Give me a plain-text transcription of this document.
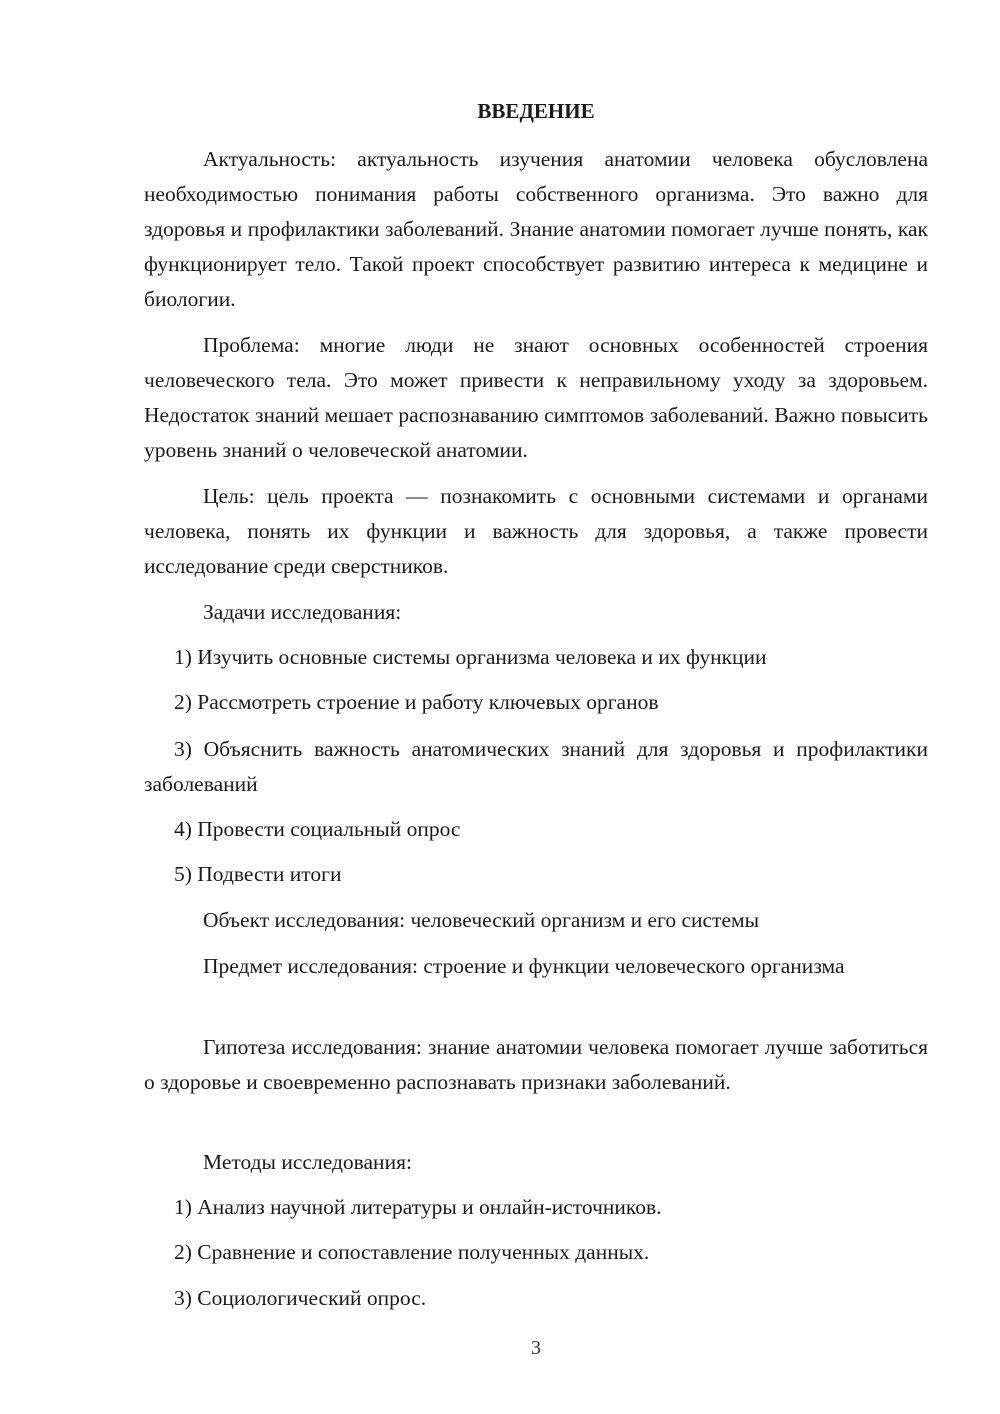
ВВЕДЕНИЕ

Актуальность: актуальность изучения анатомии человека обусловлена необходимостью понимания работы собственного организма. Это важно для здоровья и профилактики заболеваний. Знание анатомии помогает лучше понять, как функционирует тело. Такой проект способствует развитию интереса к медицине и биологии.

Проблема: многие люди не знают основных особенностей строения человеческого тела. Это может привести к неправильному уходу за здоровьем. Недостаток знаний мешает распознаванию симптомов заболеваний. Важно повысить уровень знаний о человеческой анатомии.

Цель: цель проекта — познакомить с основными системами и органами человека, понять их функции и важность для здоровья, а также провести исследование среди сверстников.

Задачи исследования:

1) Изучить основные системы организма человека и их функции

2) Рассмотреть строение и работу ключевых органов

3) Объяснить важность анатомических знаний для здоровья и профилактики заболеваний

4) Провести социальный опрос

5) Подвести итоги

Объект исследования: человеческий организм и его системы

Предмет исследования: строение и функции человеческого организма

Гипотеза исследования: знание анатомии человека помогает лучше заботиться о здоровье и своевременно распознавать признаки заболеваний.

Методы исследования:

1) Анализ научной литературы и онлайн-источников.

2) Сравнение и сопоставление полученных данных.

3) Социологический опрос.

3
